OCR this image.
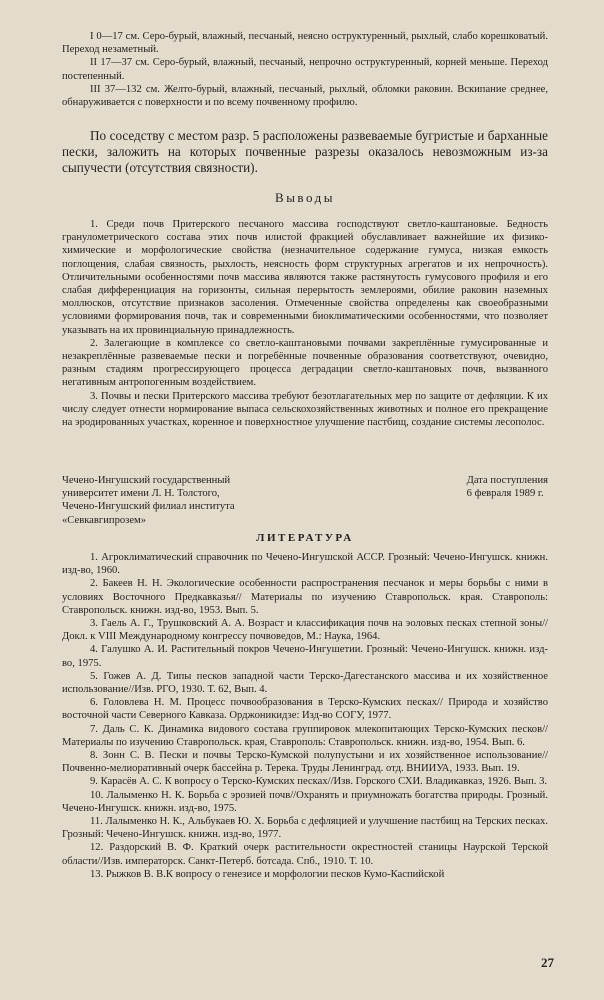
I 0—17 см. Серо-бурый, влажный, песчаный, неясно оструктуренный, рыхлый, слабо корешковатый. Переход незаметный.

II 17—37 см. Серо-бурый, влажный, песчаный, непрочно оструктуренный, корней меньше. Переход постепенный.

III 37—132 см. Желто-бурый, влажный, песчаный, рыхлый, обломки раковин. Вскипание среднее, обнаруживается с поверхности и по всему почвенному профилю.

По соседству с местом разр. 5 расположены развеваемые бугристые и барханные пески, заложить на которых почвенные разрезы оказалось невозможным из-за сыпучести (отсутствия связности).

Выводы

1. Среди почв Притерского песчаного массива господствуют светло-каштановые. Бедность гранулометрического состава этих почв илистой фракцией обуславливает важнейшие их физико-химические и морфологические свойства (незначительное содержание гумуса, низкая емкость поглощения, слабая связность, рыхлость, неясность форм структурных агрегатов и их непрочность). Отличительными особенностями почв массива являются также растянутость гумусового профиля и его слабая дифференциация на горизонты, сильная перерытость землероями, обилие раковин наземных моллюсков, отсутствие признаков засоления. Отмеченные свойства определены как своеобразными условиями формирования почв, так и современными биоклиматическими особенностями, что позволяет указывать на их провинциальную принадлежность.

2. Залегающие в комплексе со светло-каштановыми почвами закреплённые гумусированные и незакреплённые развеваемые пески и погребённые почвенные образования соответствуют, очевидно, разным стадиям прогрессирующего процесса деградации светло-каштановых почв, вызванного негативным антропогенным воздействием.

3. Почвы и пески Притерского массива требуют безотлагательных мер по защите от дефляции. К их числу следует отнести нормирование выпаса сельскохозяйственных животных и полное его прекращение на эродированных участках, коренное и поверхностное улучшение пастбищ, создание системы лесополос.

Чечено-Ингушский государственный

университет имени Л. Н. Толстого,

Чечено-Ингушский филиал института

«Севкавгипрозем»

Дата поступления

6 февраля 1989 г.

ЛИТЕРАТУРА

1. Агроклиматический справочник по Чечено-Ингушской АССР. Грозный: Чечено-Ингушск. книжн. изд-во, 1960.

2. Бакеев Н. Н. Экологические особенности распространения песчанок и меры борьбы с ними в условиях Восточного Предкавказья// Материалы по изучению Ставропольск. края. Ставрополь: Ставропольск. книжн. изд-во, 1953. Вып. 5.

3. Гаель А. Г., Трушковский А. А. Возраст и классификация почв на эоловых песках степной зоны//Докл. к VIII Международному конгрессу почвоведов, М.: Наука, 1964.

4. Галушко А. И. Растительный покров Чечено-Ингушетии. Грозный: Чечено-Ингушск. книжн. изд-во, 1975.

5. Гожев А. Д. Типы песков западной части Терско-Дагестанского массива и их хозяйственное использование//Изв. РГО, 1930. Т. 62, Вып. 4.

6. Головлева Н. М. Процесс почвообразования в Терско-Кумских песках// Природа и хозяйство восточной части Северного Кавказа. Орджоникидзе: Изд-во СОГУ, 1977.

7. Даль С. К. Динамика видового состава группировок млекопитающих Терско-Кумских песков//Материалы по изучению Ставропольск. края, Ставрополь: Ставропольск. книжн. изд-во, 1954. Вып. 6.

8. Зонн С. В. Пески и почвы Терско-Кумской полупустыни и их хозяйственное использование//Почвенно-мелиоративный очерк бассейна р. Терека. Труды Ленинград. отд. ВНИИУА, 1933. Вып. 19.

9. Карасёв А. С. К вопросу о Терско-Кумских песках//Изв. Горского СХИ. Владикавказ, 1926. Вып. 3.

10. Лалыменко Н. К. Борьба с эрозией почв//Охранять и приумножать богатства природы. Грозный. Чечено-Ингушск. книжн. изд-во, 1975.

11. Лалыменко Н. К., Альбукаев Ю. Х. Борьба с дефляцией и улучшение пастбищ на Терских песках. Грозный: Чечено-Ингушск. книжн. изд-во, 1977.

12. Раздорский В. Ф. Краткий очерк растительности окрестностей станицы Наурской Терской области//Изв. императорск. Санкт-Петерб. ботсада. Спб., 1910. Т. 10.

13. Рыжков В. В.К вопросу о генезисе и морфологии песков Кумо-Каспийской

27
